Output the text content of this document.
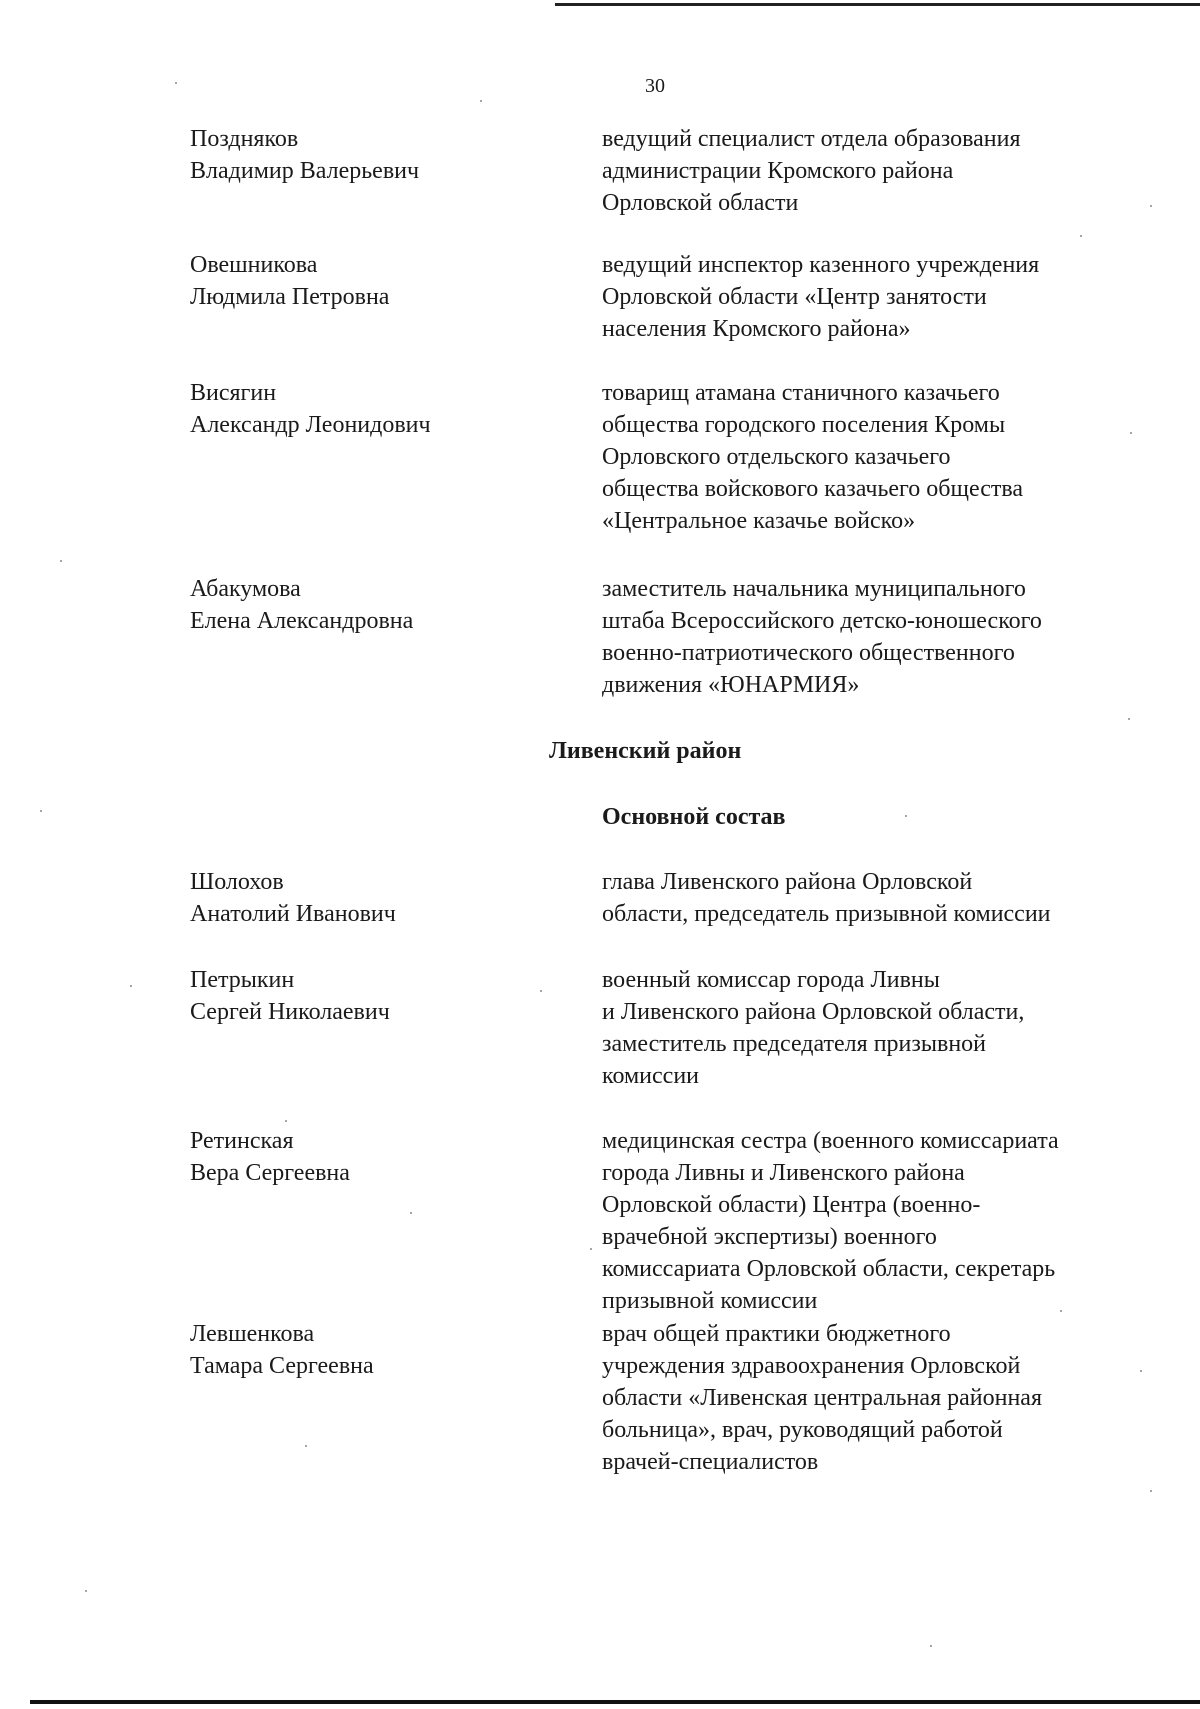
30
Поздняков
Владимир Валерьевич
ведущий специалист отдела образования
администрации Кромского района
Орловской области
Овешникова
Людмила Петровна
ведущий инспектор казенного учреждения
Орловской области «Центр занятости
населения Кромского района»
Висягин
Александр Леонидович
товарищ атамана станичного казачьего
общества городского поселения Кромы
Орловского отдельского казачьего
общества войскового казачьего общества
«Центральное казачье войско»
Абакумова
Елена Александровна
заместитель начальника муниципального
штаба Всероссийского детско-юношеского
военно-патриотического общественного
движения «ЮНАРМИЯ»
Ливенский район
Основной состав
Шолохов
Анатолий Иванович
глава Ливенского района Орловской
области, председатель призывной комиссии
Петрыкин
Сергей Николаевич
военный комиссар города Ливны
и Ливенского района Орловской области,
заместитель председателя призывной
комиссии
Ретинская
Вера Сергеевна
медицинская сестра (военного комиссариата
города Ливны и Ливенского района
Орловской области) Центра (военно-
врачебной экспертизы) военного
комиссариата Орловской области, секретарь
призывной комиссии
Левшенкова
Тамара Сергеевна
врач общей практики бюджетного
учреждения здравоохранения Орловской
области «Ливенская центральная районная
больница», врач, руководящий работой
врачей-специалистов
